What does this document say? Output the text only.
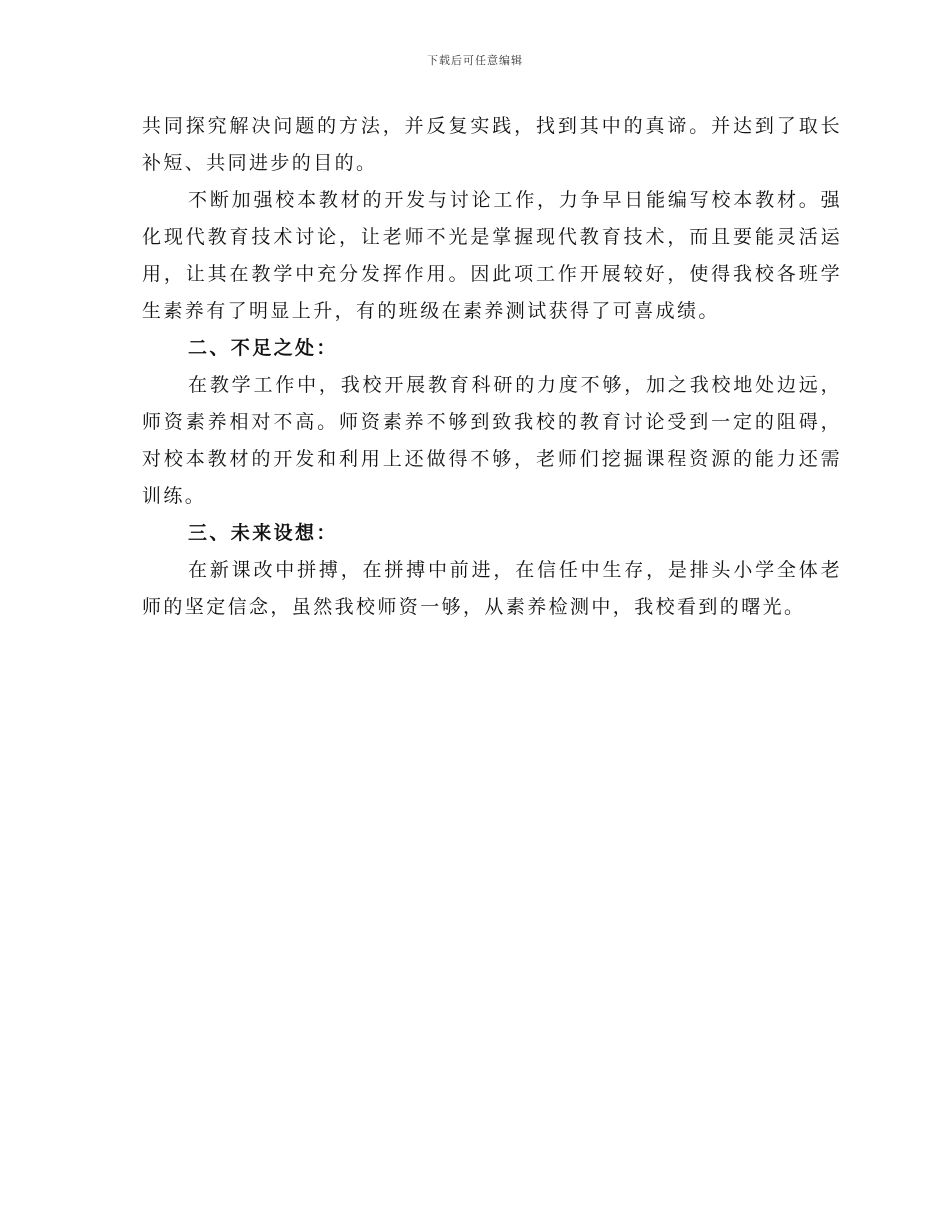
下载后可任意编辑

共同探究解决问题的方法，并反复实践，找到其中的真谛。并达到了取长补短、共同进步的目的。

不断加强校本教材的开发与讨论工作，力争早日能编写校本教材。强化现代教育技术讨论，让老师不光是掌握现代教育技术，而且要能灵活运用，让其在教学中充分发挥作用。因此项工作开展较好，使得我校各班学生素养有了明显上升，有的班级在素养测试获得了可喜成绩。

二、不足之处：

在教学工作中，我校开展教育科研的力度不够，加之我校地处边远，师资素养相对不高。师资素养不够到致我校的教育讨论受到一定的阻碍，对校本教材的开发和利用上还做得不够，老师们挖掘课程资源的能力还需训练。

三、未来设想：

在新课改中拼搏，在拼搏中前进，在信任中生存，是排头小学全体老师的坚定信念，虽然我校师资一够，从素养检测中，我校看到的曙光。
